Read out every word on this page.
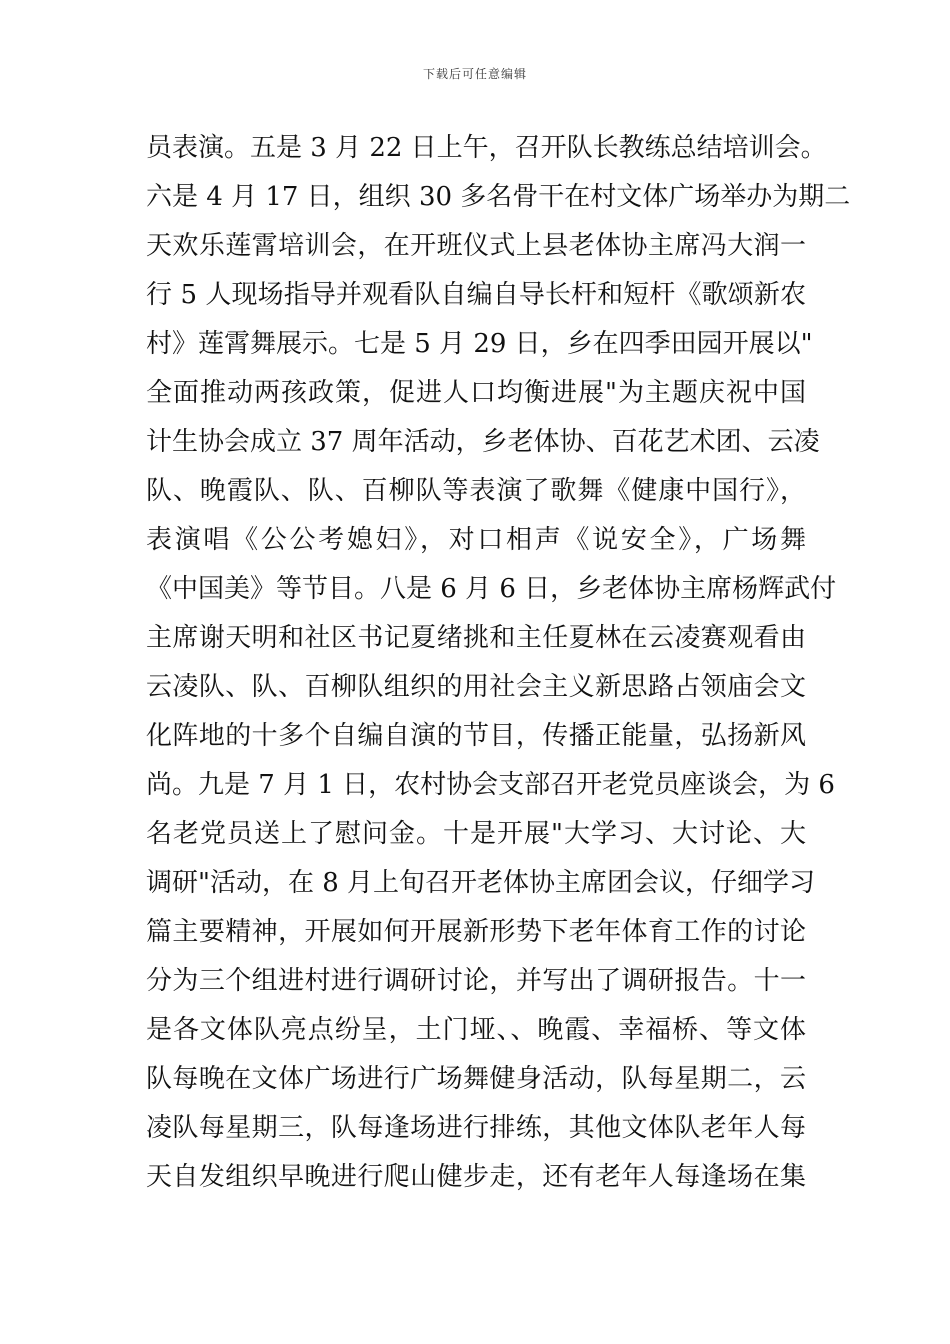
下载后可任意编辑
员表演。五是 3 月 22 日上午，召开队长教练总结培训会。
六是 4 月 17 日，组织 30 多名骨干在村文体广场举办为期二
天欢乐莲霄培训会，在开班仪式上县老体协主席冯大润一
行 5 人现场指导并观看队自编自导长杆和短杆《歌颂新农
村》莲霄舞展示。七是 5 月 29 日，乡在四季田园开展以"
全面推动两孩政策，促进人口均衡进展"为主题庆祝中国
计生协会成立 37 周年活动，乡老体协、百花艺术团、云凌
队、晚霞队、队、百柳队等表演了歌舞《健康中国行》，
表演唱《公公考媳妇》，对口相声《说安全》，广场舞
《中国美》等节目。八是 6 月 6 日，乡老体协主席杨辉武付
主席谢天明和社区书记夏绪挑和主任夏林在云凌赛观看由
云凌队、队、百柳队组织的用社会主义新思路占领庙会文
化阵地的十多个自编自演的节目，传播正能量，弘扬新风
尚。九是 7 月 1 日，农村协会支部召开老党员座谈会，为 6
名老党员送上了慰问金。十是开展"大学习、大讨论、大
调研"活动，在 8 月上旬召开老体协主席团会议，仔细学习
篇主要精神，开展如何开展新形势下老年体育工作的讨论
分为三个组进村进行调研讨论，并写出了调研报告。十一
是各文体队亮点纷呈，土门垭、、晚霞、幸福桥、等文体
队每晚在文体广场进行广场舞健身活动，队每星期二，云
凌队每星期三，队每逢场进行排练，其他文体队老年人每
天自发组织早晚进行爬山健步走，还有老年人每逢场在集
